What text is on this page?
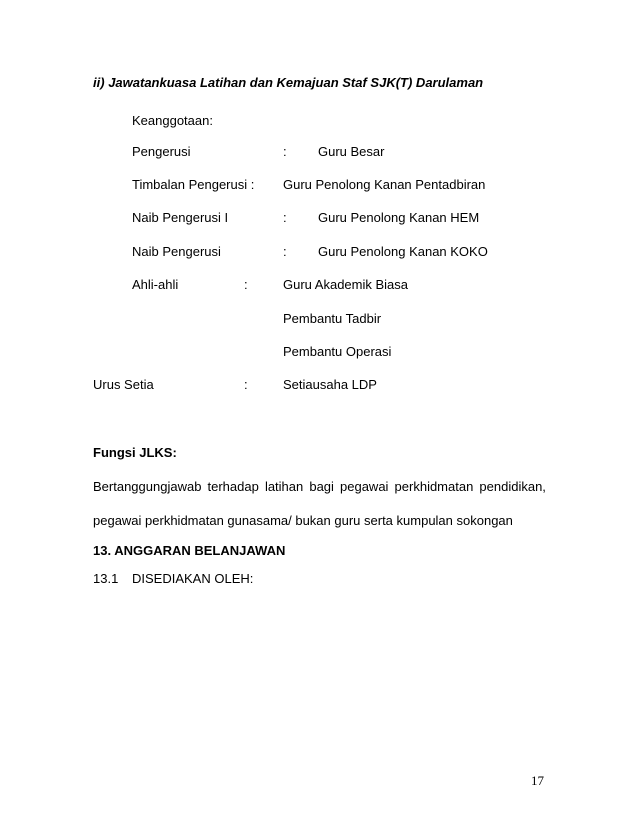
ii) Jawatankuasa Latihan dan Kemajuan Staf SJK(T) Darulaman
Keanggotaan:
Pengerusi	: Guru Besar
Timbalan Pengerusi : Guru Penolong Kanan Pentadbiran
Naib Pengerusi I	: Guru Penolong Kanan HEM
Naib Pengerusi	: Guru Penolong Kanan KOKO
Ahli-ahli	:	Guru Akademik Biasa
Pembantu Tadbir
Pembantu Operasi
Urus Setia	:	Setiausaha LDP
Fungsi JLKS:
Bertanggungjawab terhadap latihan bagi pegawai perkhidmatan pendidikan,
pegawai perkhidmatan gunasama/ bukan guru serta kumpulan sokongan
13. ANGGARAN BELANJAWAN
13.1 DISEDIAKAN OLEH:
17
